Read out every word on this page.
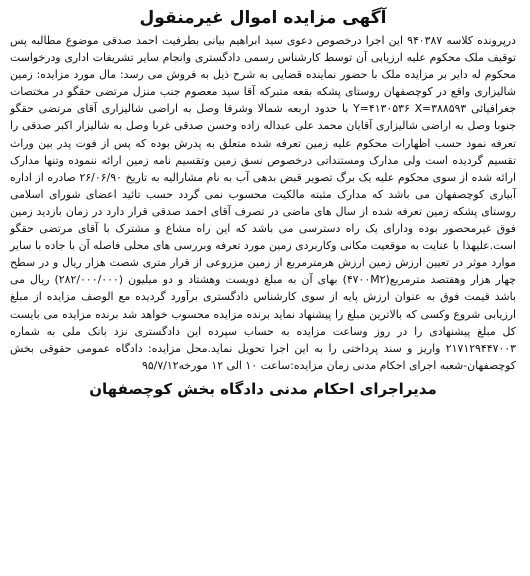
آگهی مزایده اموال غیرمنقول

درپرونده کلاسه ۹۴۰۳۸۷ این اجرا درخصوص دعوی سید ابراهیم بیانی بطرفیت احمد صدقی موضوع مطالبه پس توقیف ملک محکوم علیه ارزیابی آن توسط کارشناس رسمی دادگستری وانجام سایر تشریفات اداری ودرخواست محکوم له دایر بر مزایده ملک با حضور نماینده قضایی به شرح ذیل به فروش می رسد: مال مورد مزایده: زمین شالیزاری واقع در کوچصفهان روستای پشکه بقعه متبرکه آقا سید معصوم جنب منزل مرتضی حقگو در مختصات جغرافیائی Y=۴۱۳۰۵۳۶ X=۳۸۸۵۹۳ با حدود اربعه شمالا وشرقا وصل به اراضی شالیزاری آقای مرتضی حقگو جنوبا وصل به اراضی شالیزاری آقایان محمد علی عبداله زاده وحسن صدقی غربا وصل به شالیزار اکبر صدقی را تعرفه نمود حسب اظهارات محکوم علیه زمین تعرفه شده متعلق به پدرش بوده که پس از فوت پدر بین وراث تقسیم گردیده است ولی مدارک ومستنداتی درخصوص نسق زمین وتقسیم نامه زمین ارائه ننموده وتنها مدارک ارائه شده از سوی محکوم علیه یک برگ تصویر قبض بدهی آب به نام مشارالیه به تاریخ ۲۶/۰۶/۹۰ صادره از اداره آبیاری کوچصفهان می باشد که مدارک مثبته مالکیت محسوب نمی گردد حسب تائید اعضای شورای اسلامی روستای پشکه زمین تعرفه شده از سال های ماضی در تصرف آقای احمد صدقی قرار دارد در زمان بازدید زمین فوق غیرمحصور بوده ودارای یک راه دسترسی می باشد که این راه مشاع و مشترک با آقای مرتضی حقگو است.علیهذا با عنایت به موقعیت مکانی وکاربردی زمین مورد تعرفه وبررسی های محلی فاصله آن با جاده با سایر موارد موثر در تعیین ارزش زمین ارزش هرمترمربع از زمین مزروعی از قرار متری شصت هزار ریال و در سطح چهار هزار وهفتصد مترمربع(۴۷۰۰M۲) بهای آن به مبلغ دویست وهشتاد و دو میلیون (۲۸۲/۰۰۰/۰۰۰) ریال می باشد قیمت فوق به عنوان ارزش پایه از سوی کارشناس دادگستری برآورد گردیده مع الوصف مزایده از مبلغ ارزیابی شروع وکسی که بالاترین مبلغ را پیشنهاد نماید برنده مزایده محسوب خواهد شد برنده مزایده می بایست کل مبلغ پیشنهادی را در روز وساعت مزایده به حساب سپرده این دادگستری نزد بانک ملی به شماره ۲۱۷۱۲۹۴۴۷۰۰۳ واریز و سند پرداختی را به این اجرا تحویل نماید.محل مزایده: دادگاه عمومی حقوقی بخش کوچصفهان-شعبه اجرای احکام مدنی زمان مزایده:ساعت ۱۰ الی ۱۲ مورخه۹۵/۷/۱۲

مدیراجرای احکام مدنی دادگاه بخش کوچصفهان
